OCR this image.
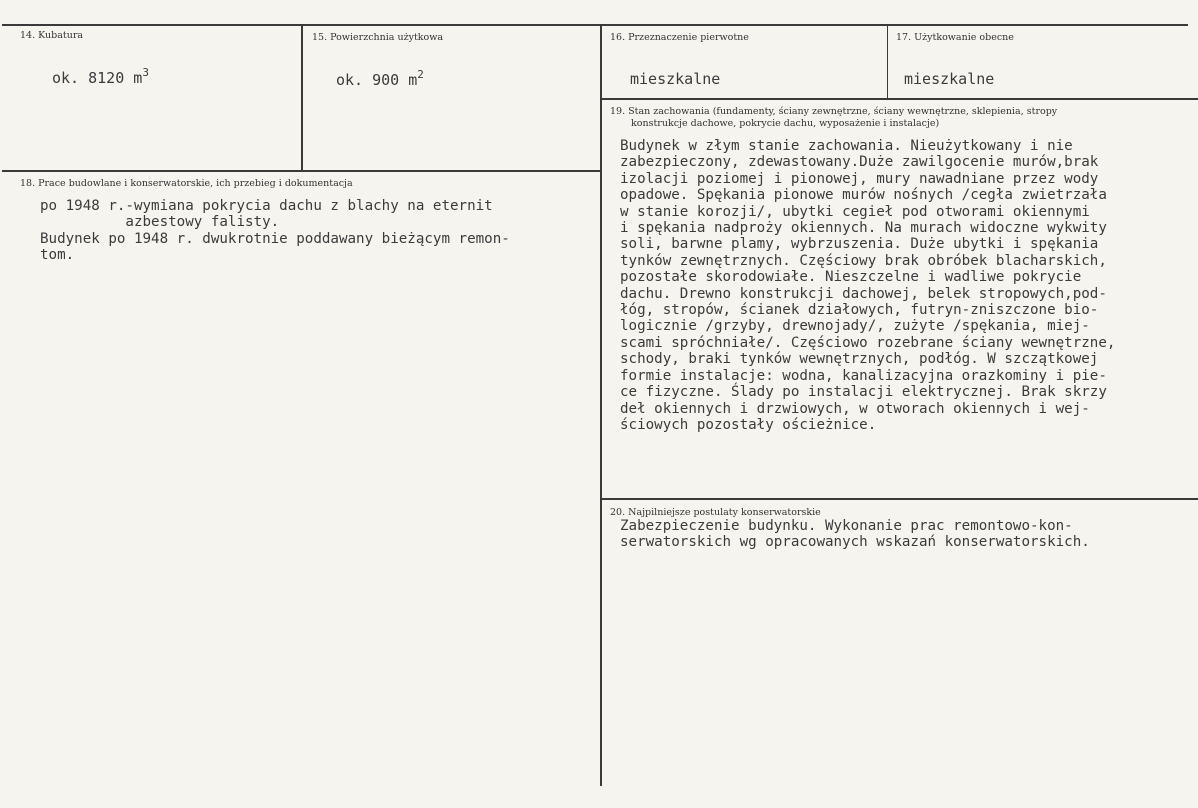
14. Kubatura
ok. 8120 $m^3$
15. Powierzchnia użytkowa
ok. 900 $m^2$
16. Przeznaczenie pierwotne
mieszkalne
17. Użytkowanie obecne
mieszkalne
18. Prace budowlane i konserwatorskie, ich przebieg i dokumentacja
po 1948 r.-wymiana pokrycia dachu z blachy na eternit
azbestowy falisty.
Budynek po 1948 r. dwukrotnie poddawany bieżącym remon-
tom.
19. Stan zachowania (fundamenty, ściany zewnętrzne, ściany wewnętrzne, sklepienia, stropy
konstrukcje dachowe, pokrycie dachu, wyposażenie i instalacje)
Budynek w złym stanie zachowania. Nieużytkowany i nie
zabezpieczony, zdewastowany.Duże zawilgocenie murów,brak
izolacji poziomej i pionowej, mury nawadniane przez wody
opadowe. Spękania pionowe murów nośnych /cegła zwietrzała
w stanie korozji/, ubytki cegieł pod otworami okiennymi
i spękania nadproży okiennych. Na murach widoczne wykwity
soli, barwne plamy, wybrzuszenia. Duże ubytki i spękania
tynków zewnętrznych. Częściowy brak obróbek blacharskich,
pozostałe skorodowiałe. Nieszczelne i wadliwe pokrycie
dachu. Drewno konstrukcji dachowej, belek stropowych,pod-
łóg, stropów, ścianek działowych, futryn-zniszczone bio-
logicznie /grzyby, drewnojady/, zużyte /spękania, miej-
scami spróchniałe/. Częściowo rozebrane ściany wewnętrzne,
schody, braki tynków wewnętrznych, podłóg. W szczątkowej
formie instalacje: wodna, kanalizacyjna orazkominy i pie-
ce fizyczne. Ślady po instalacji elektrycznej. Brak skrzy
deł okiennych i drzwiowych, w otworach okiennych i wej-
ściowych pozostały ościeżnice.
20. Najpilniejsze postulaty konserwatorskie
Zabezpieczenie budynku. Wykonanie prac remontowo-kon-
serwatorskich wg opracowanych wskazań konserwatorskich.
